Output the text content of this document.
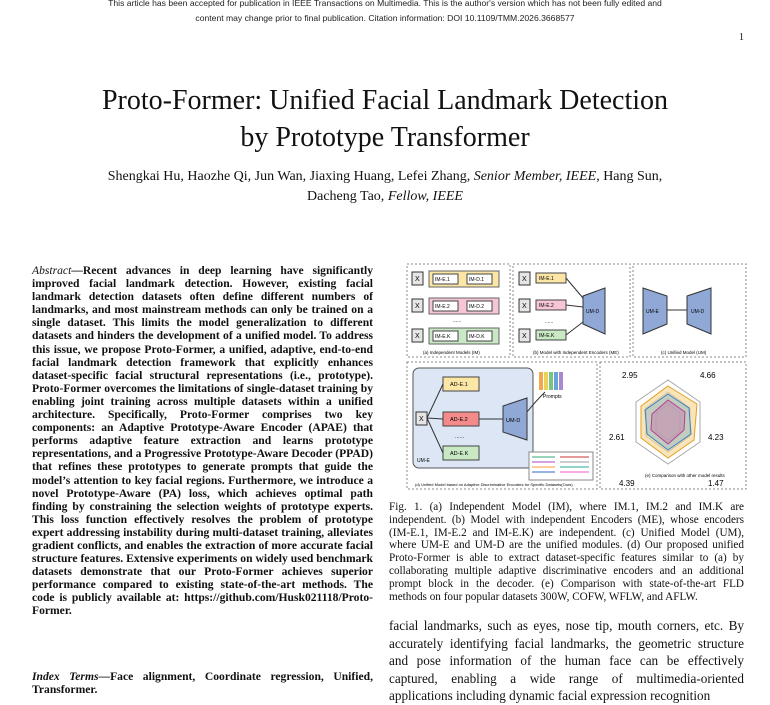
This article has been accepted for publication in IEEE Transactions on Multimedia. This is the author's version which has not been fully edited and
content may change prior to final publication. Citation information: DOI 10.1109/TMM.2026.3668577
1
Proto-Former: Unified Facial Landmark Detection
by Prototype Transformer
Shengkai Hu, Haozhe Qi, Jun Wan, Jiaxing Huang, Lefei Zhang, Senior Member, IEEE, Hang Sun,
Dacheng Tao, Fellow, IEEE
Abstract—Recent advances in deep learning have significantly improved facial landmark detection. However, existing facial landmark detection datasets often define different numbers of landmarks, and most mainstream methods can only be trained on a single dataset. This limits the model generalization to different datasets and hinders the development of a unified model. To address this issue, we propose Proto-Former, a unified, adaptive, end-to-end facial landmark detection framework that explicitly enhances dataset-specific facial structural representations (i.e., prototype). Proto-Former overcomes the limitations of single-dataset training by enabling joint training across multiple datasets within a unified architecture. Specifically, Proto-Former comprises two key components: an Adaptive Prototype-Aware Encoder (APAE) that performs adaptive feature extraction and learns prototype representations, and a Progressive Prototype-Aware Decoder (PPAD) that refines these prototypes to generate prompts that guide the model’s attention to key facial regions. Furthermore, we introduce a novel Prototype-Aware (PA) loss, which achieves optimal path finding by constraining the selection weights of prototype experts. This loss function effectively resolves the problem of prototype expert addressing instability during multi-dataset training, alleviates gradient conflicts, and enables the extraction of more accurate facial structure features. Extensive experiments on widely used benchmark datasets demonstrate that our Proto-Former achieves superior performance compared to existing state-of-the-art methods. The code is publicly available at: https://github.com/Husk021118/Proto-Former.
Index Terms—Face alignment, Coordinate regression, Unified, Transformer.
X	IM-E.1	IM-D.1
X	IM-E.2	IM-D.2
......
X	IM-E.K	IM-D.K
(a) Independent Models (IM)
X IM-E.1
X IM-E.2
......
X IM-E.K
UM-D
(b) Model with Independent Encoders (ME)
UM-E	UM-D
(c) Unified Model (UM)
X
AD-E.1
AD-E.2
......
AD-E.K
UM-E
UM-D
Prompts
(d) Unified Model based on Adaptive Discriminative Encoders for Specific Datasets(Ours)
2.95	4.66
2.61	4.23
4.39	1.47
(e) Comparison with other model results
Fig. 1. (a) Independent Model (IM), where IM.1, IM.2 and IM.K are independent. (b) Model with independent Encoders (ME), whose encoders (IM-E.1, IM-E.2 and IM-E.K) are independent. (c) Unified Model (UM), where UM-E and UM-D are the unified modules. (d) Our proposed unified Proto-Former is able to extract dataset-specific features similar to (a) by collaborating multiple adaptive discriminative encoders and an additional prompt block in the decoder. (e) Comparison with state-of-the-art FLD methods on four popular datasets 300W, COFW, WFLW, and AFLW.
facial landmarks, such as eyes, nose tip, mouth corners, etc. By accurately identifying facial landmarks, the geometric structure and pose information of the human face can be effectively captured, enabling a wide range of multimedia-oriented applications including dynamic facial expression recognition
